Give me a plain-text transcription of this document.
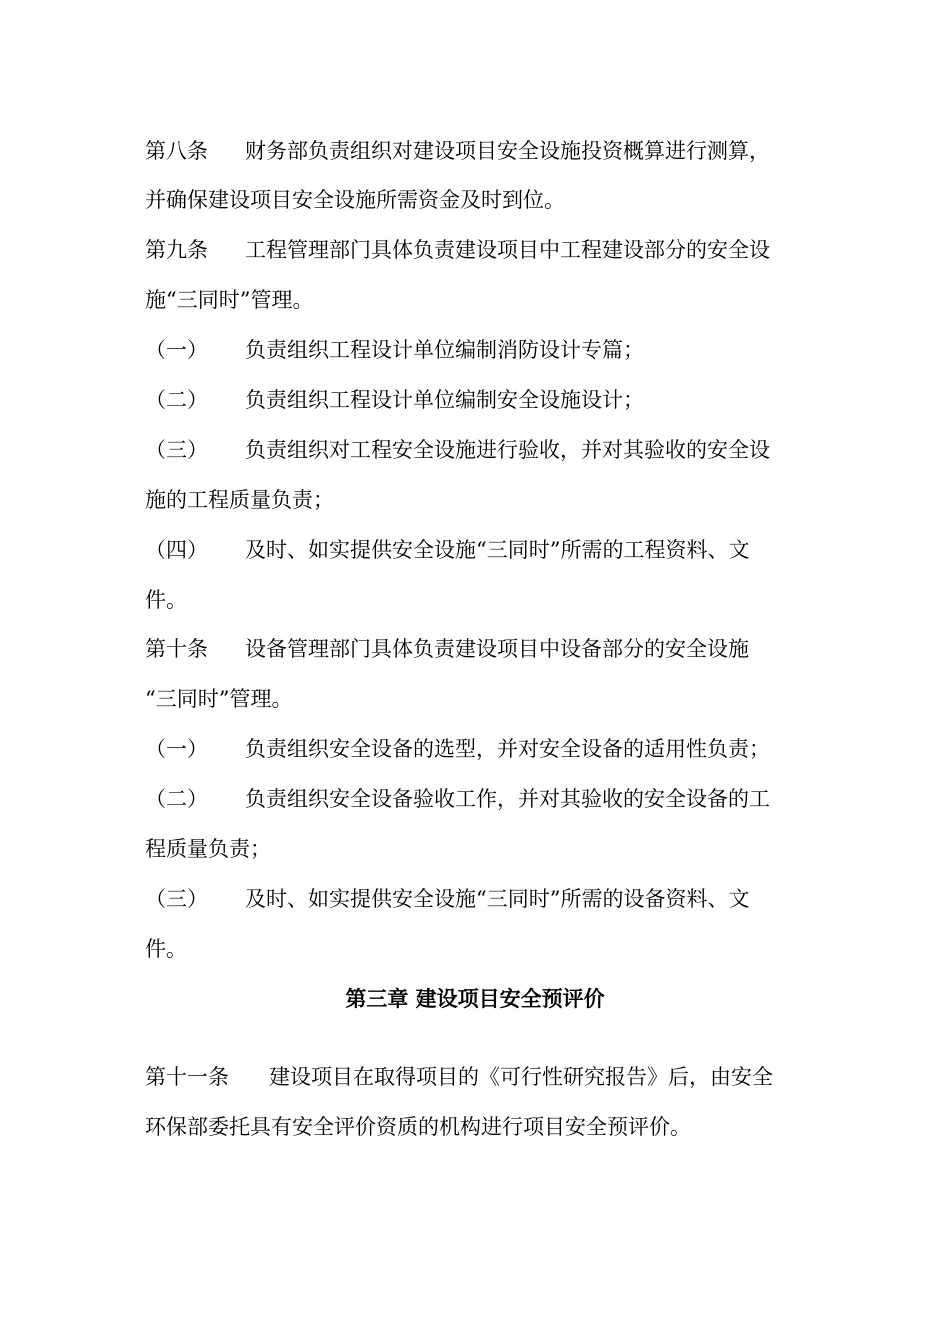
第八条 财务部负责组织对建设项目安全设施投资概算进行测算，
并确保建设项目安全设施所需资金及时到位。
第九条 工程管理部门具体负责建设项目中工程建设部分的安全设
施“三同时”管理。
（一） 负责组织工程设计单位编制消防设计专篇；
（二） 负责组织工程设计单位编制安全设施设计；
（三） 负责组织对工程安全设施进行验收，并对其验收的安全设
施的工程质量负责；
（四） 及时、如实提供安全设施“三同时”所需的工程资料、文
件。
第十条 设备管理部门具体负责建设项目中设备部分的安全设施
“三同时”管理。
（一） 负责组织安全设备的选型，并对安全设备的适用性负责；
（二） 负责组织安全设备验收工作，并对其验收的安全设备的工
程质量负责；
（三） 及时、如实提供安全设施“三同时”所需的设备资料、文
件。
第三章 建设项目安全预评价
第十一条 建设项目在取得项目的《可行性研究报告》后，由安全
环保部委托具有安全评价资质的机构进行项目安全预评价。
